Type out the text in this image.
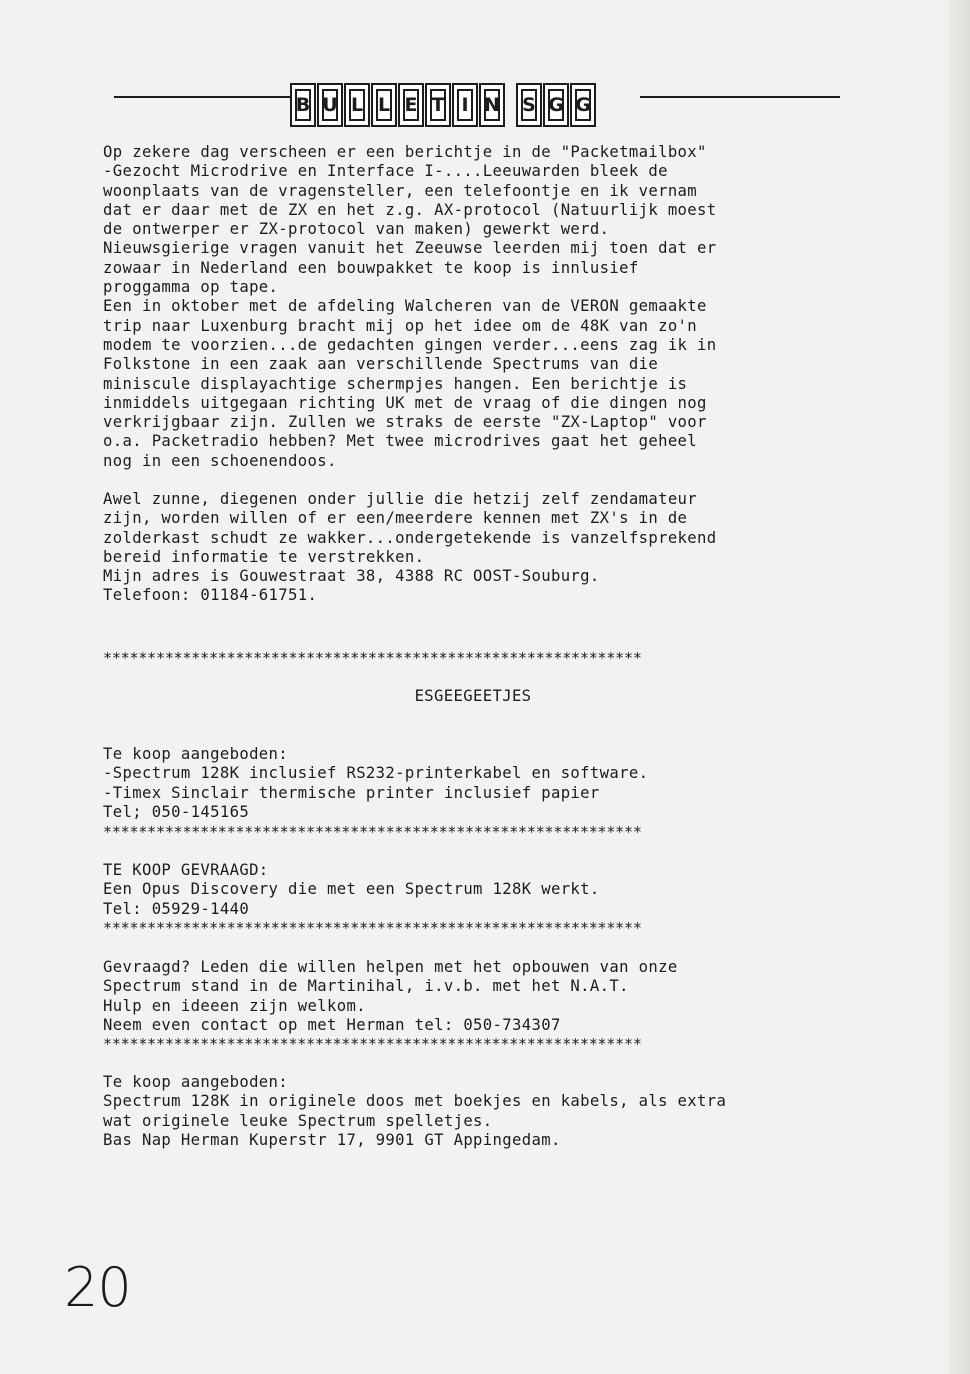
B U L L E T I N S G G
Op zekere dag verscheen er een berichtje in de "Packetmailbox"
-Gezocht Microdrive en Interface I-....Leeuwarden bleek de
woonplaats van de vragensteller, een telefoontje en ik vernam
dat er daar met de ZX en het z.g. AX-protocol (Natuurlijk moest
de ontwerper er ZX-protocol van maken) gewerkt werd.
Nieuwsgierige vragen vanuit het Zeeuwse leerden mij toen dat er
zowaar in Nederland een bouwpakket te koop is innlusief
proggamma op tape.
Een in oktober met de afdeling Walcheren van de VERON gemaakte
trip naar Luxenburg bracht mij op het idee om de 48K van zo'n
modem te voorzien...de gedachten gingen verder...eens zag ik in
Folkstone in een zaak aan verschillende Spectrums van die
miniscule displayachtige schermpjes hangen. Een berichtje is
inmiddels uitgegaan richting UK met de vraag of die dingen nog
verkrijgbaar zijn. Zullen we straks de eerste "ZX-Laptop" voor
o.a. Packetradio hebben? Met twee microdrives gaat het geheel
nog in een schoenendoos.
Awel zunne, diegenen onder jullie die hetzij zelf zendamateur
zijn, worden willen of er een/meerdere kennen met ZX's in de
zolderkast schudt ze wakker...ondergetekende is vanzelfsprekend
bereid informatie te verstrekken.
Mijn adres is Gouwestraat 38, 4388 RC OOST-Souburg.
Telefoon: 01184-61751.
*************************************************************
ESGEEGEETJES
Te koop aangeboden:
-Spectrum 128K inclusief RS232-printerkabel en software.
-Timex Sinclair thermische printer inclusief papier
Tel; 050-145165
*************************************************************
TE KOOP GEVRAAGD:
Een Opus Discovery die met een Spectrum 128K werkt.
Tel: 05929-1440
*************************************************************
Gevraagd? Leden die willen helpen met het opbouwen van onze
Spectrum stand in de Martinihal, i.v.b. met het N.A.T.
Hulp en ideeen zijn welkom.
Neem even contact op met Herman tel: 050-734307
*************************************************************
Te koop aangeboden:
Spectrum 128K in originele doos met boekjes en kabels, als extra
wat originele leuke Spectrum spelletjes.
Bas Nap Herman Kuperstr 17, 9901 GT Appingedam.
20
